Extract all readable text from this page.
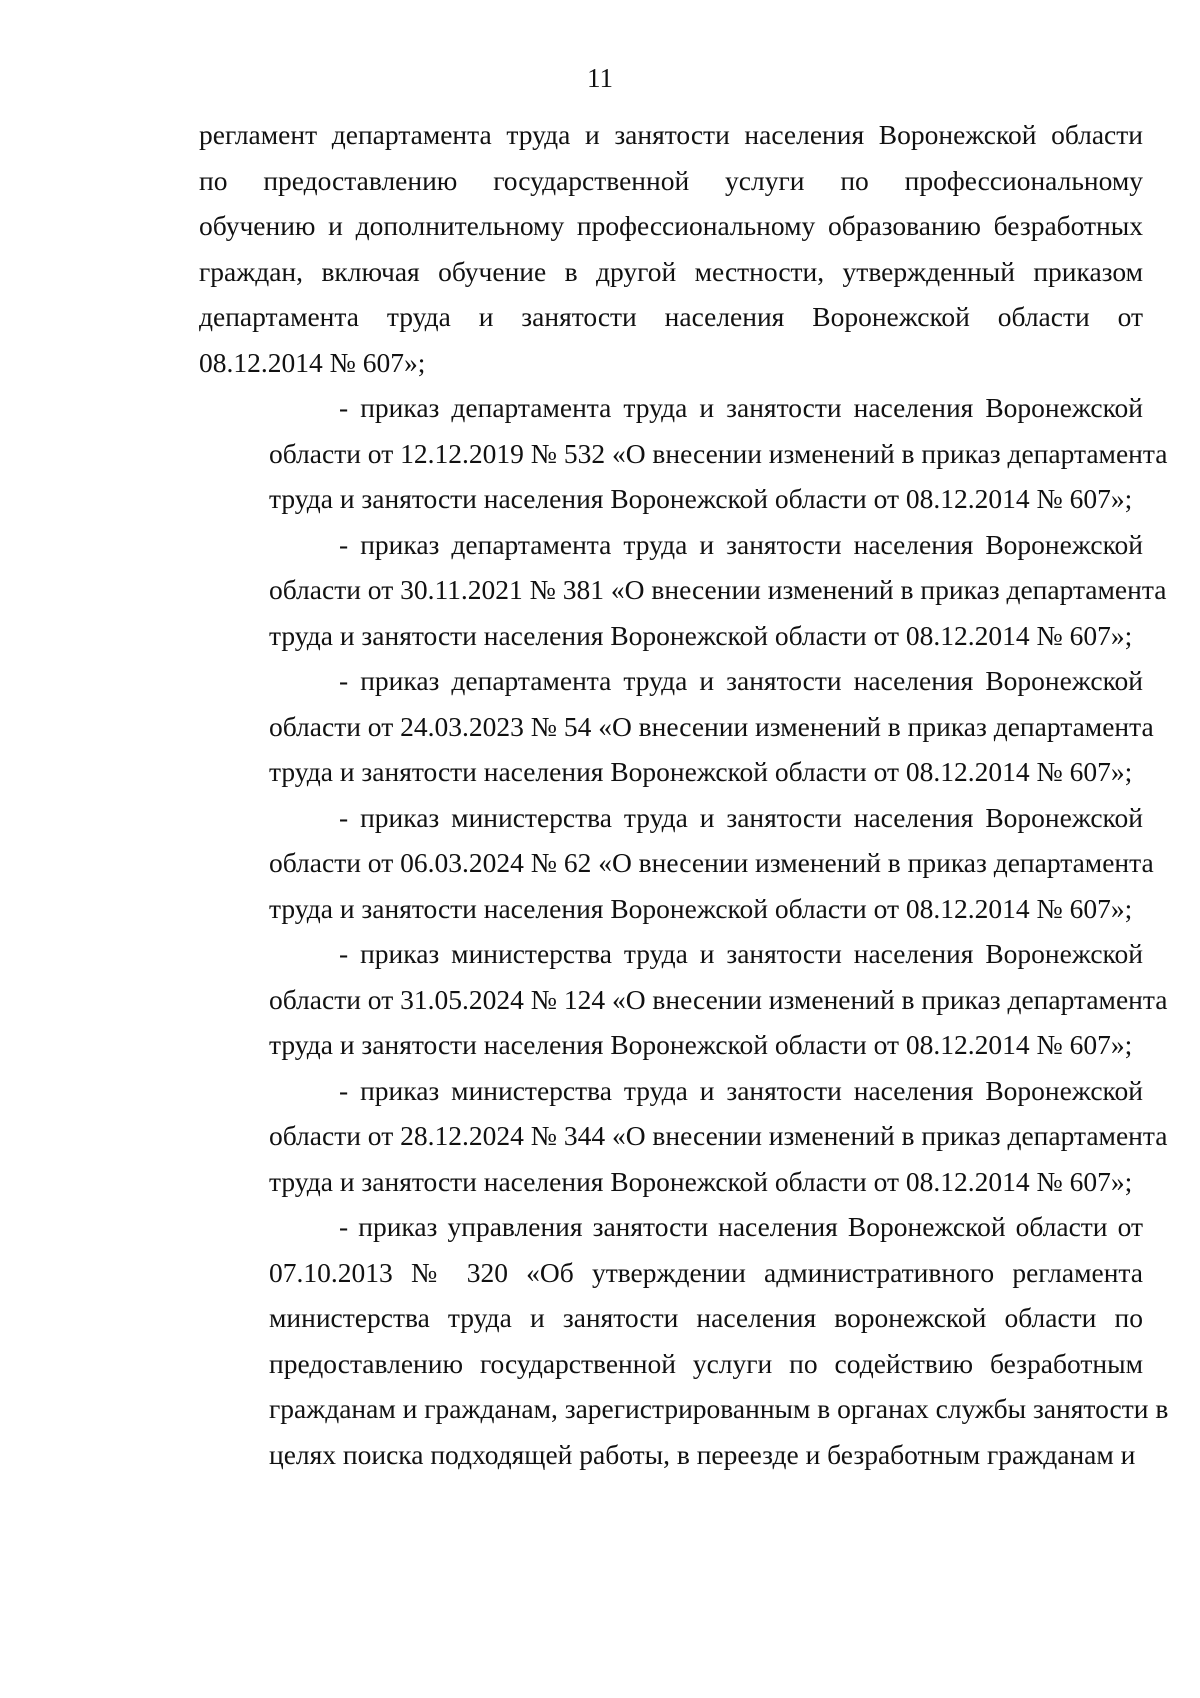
11
регламент департамента труда и занятости населения Воронежской области
по предоставлению государственной услуги по профессиональному
обучению и дополнительному профессиональному образованию безработных
граждан, включая обучение в другой местности, утвержденный приказом
департамента труда и занятости населения Воронежской области от
08.12.2014 № 607»;
- приказ департамента труда и занятости населения Воронежской
области от 12.12.2019 № 532 «О внесении изменений в приказ департамента
труда и занятости населения Воронежской области от 08.12.2014 № 607»;
- приказ департамента труда и занятости населения Воронежской
области от 30.11.2021 № 381 «О внесении изменений в приказ департамента
труда и занятости населения Воронежской области от 08.12.2014 № 607»;
- приказ департамента труда и занятости населения Воронежской
области от 24.03.2023 № 54 «О внесении изменений в приказ департамента
труда и занятости населения Воронежской области от 08.12.2014 № 607»;
- приказ министерства труда и занятости населения Воронежской
области от 06.03.2024 № 62 «О внесении изменений в приказ департамента
труда и занятости населения Воронежской области от 08.12.2014 № 607»;
- приказ министерства труда и занятости населения Воронежской
области от 31.05.2024 № 124 «О внесении изменений в приказ департамента
труда и занятости населения Воронежской области от 08.12.2014 № 607»;
- приказ министерства труда и занятости населения Воронежской
области от 28.12.2024 № 344 «О внесении изменений в приказ департамента
труда и занятости населения Воронежской области от 08.12.2014 № 607»;
- приказ управления занятости населения Воронежской области от
07.10.2013 № 320 «Об утверждении административного регламента
министерства труда и занятости населения воронежской области по
предоставлению государственной услуги по содействию безработным
гражданам и гражданам, зарегистрированным в органах службы занятости в
целях поиска подходящей работы, в переезде и безработным гражданам и
